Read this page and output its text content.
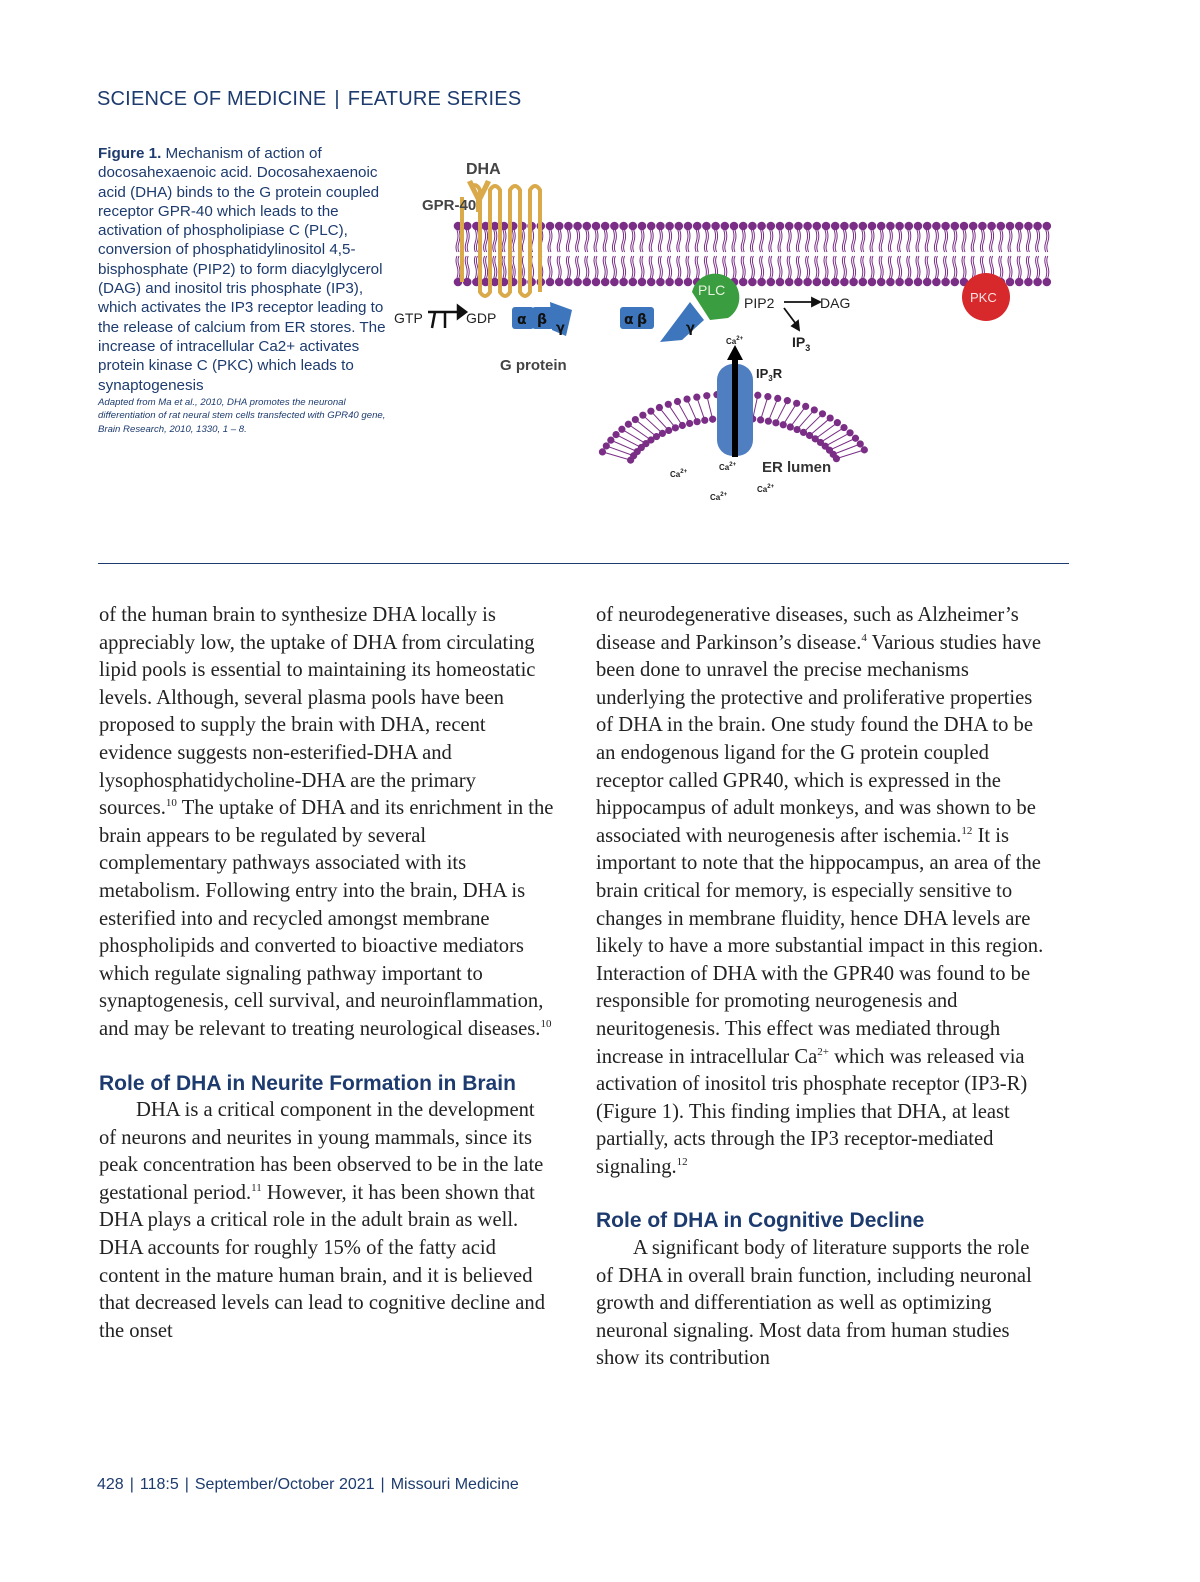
SCIENCE OF MEDICINE | FEATURE SERIES
Figure 1. Mechanism of action of docosahexaenoic acid. Docosahexaenoic acid (DHA) binds to the G protein coupled receptor GPR-40 which leads to the activation of phospholipiase C (PLC), conversion of phosphatidylinositol 4,5-bisphosphate (PIP2) to form diacylglycerol (DAG) and inositol tris phosphate (IP3), which activates the IP3 receptor leading to the release of calcium from ER stores. The increase of intracellular Ca2+ activates protein kinase C (PKC) which leads to synaptogenesis
Adapted from Ma et al., 2010, DHA promotes the neuronal differentiation of rat neural stem cells transfected with GPR40 gene, Brain Research, 2010, 1330, 1 – 8.
DHA
GPR-40
GTP	GDP α β
γ
G protein
α β
γ
PLC
PIP2	DAG
$IP_3$
PKC
$IP_3R$
$Ca^{2+}$
$Ca^{2+}$	$Ca^{2+}$
$Ca^{2+}$
$Ca^{2+}$
ER lumen

of the human brain to synthesize DHA locally is appreciably low, the uptake of DHA from circulating lipid pools is essential to maintaining its homeostatic levels. Although, several plasma pools have been proposed to supply the brain with DHA, recent evidence suggests non-esterified-DHA and lysophosphatidycholine-DHA are the primary sources.$^{10}$ The uptake of DHA and its enrichment in the brain appears to be regulated by several complementary pathways associated with its metabolism. Following entry into the brain, DHA is esterified into and recycled amongst membrane phospholipids and converted to bioactive mediators which regulate signaling pathway important to synaptogenesis, cell survival, and neuroinflammation, and may be relevant to treating neurological diseases.$^{10}$

Role of DHA in Neurite Formation in Brain

DHA is a critical component in the development of neurons and neurites in young mammals, since its peak concentration has been observed to be in the late gestational period.$^{11}$ However, it has been shown that DHA plays a critical role in the adult brain as well. DHA accounts for roughly 15% of the fatty acid content in the mature human brain, and it is believed that decreased levels can lead to cognitive decline and the onset

of neurodegenerative diseases, such as Alzheimer’s disease and Parkinson’s disease.$^4$ Various studies have been done to unravel the precise mechanisms underlying the protective and proliferative properties of DHA in the brain. One study found the DHA to be an endogenous ligand for the G protein coupled receptor called GPR40, which is expressed in the hippocampus of adult monkeys, and was shown to be associated with neurogenesis after ischemia.$^{12}$ It is important to note that the hippocampus, an area of the brain critical for memory, is especially sensitive to changes in membrane fluidity, hence DHA levels are likely to have a more substantial impact in this region. Interaction of DHA with the GPR40 was found to be responsible for promoting neurogenesis and neuritogenesis. This effect was mediated through increase in intracellular $Ca^{2+}$ which was released via activation of inositol tris phosphate receptor (IP3-R) (Figure 1). This finding implies that DHA, at least partially, acts through the IP3 receptor-mediated signaling.$^{12}$

Role of DHA in Cognitive Decline

A significant body of literature supports the role of DHA in overall brain function, including neuronal growth and differentiation as well as optimizing neuronal signaling. Most data from human studies show its contribution

428 | 118:5 | September/October 2021 | Missouri Medicine
